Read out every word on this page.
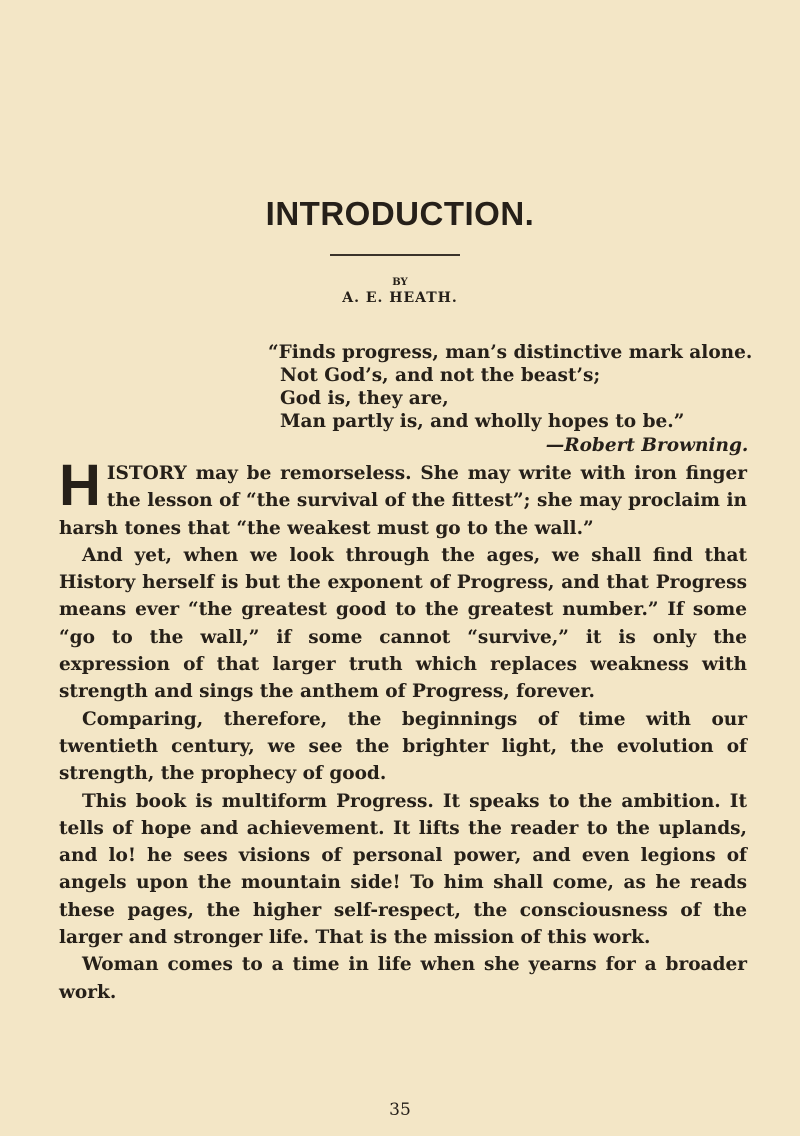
INTRODUCTION.
BY
A. E. HEATH.
“Finds progress, man’s distinctive mark alone.
Not God’s, and not the beast’s;
God is, they are,
Man partly is, and wholly hopes to be.”
—Robert Browning.

HISTORY may be remorseless. She may write with iron finger the lesson of “the survival of the fittest”; she may proclaim in harsh tones that “the weakest must go to the wall.”

And yet, when we look through the ages, we shall find that History herself is but the exponent of Progress, and that Progress means ever “the greatest good to the greatest number.” If some “go to the wall,” if some cannot “survive,” it is only the expression of that larger truth which replaces weakness with strength and sings the anthem of Progress, forever.

Comparing, therefore, the beginnings of time with our twentieth century, we see the brighter light, the evolution of strength, the prophecy of good.

This book is multiform Progress. It speaks to the ambition. It tells of hope and achievement. It lifts the reader to the uplands, and lo! he sees visions of personal power, and even legions of angels upon the mountain side! To him shall come, as he reads these pages, the higher self-respect, the consciousness of the larger and stronger life. That is the mission of this work.

Woman comes to a time in life when she yearns for a broader work.

35
